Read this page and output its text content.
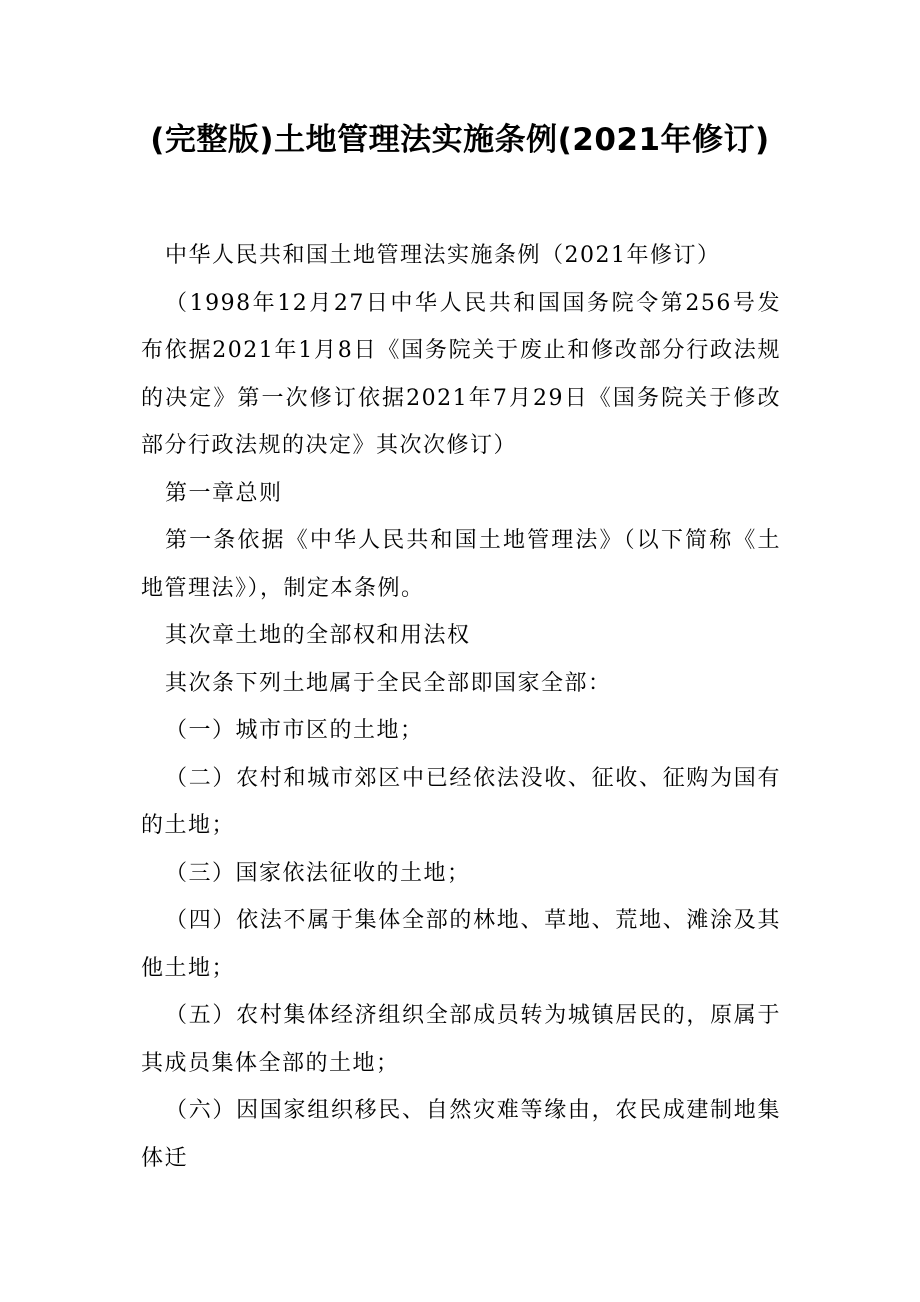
(完整版)土地管理法实施条例(2021年修订)

中华人民共和国土地管理法实施条例（2021年修订）

（1998年12月27日中华人民共和国国务院令第256号发布依据2021年1月8日《国务院关于废止和修改部分行政法规的决定》第一次修订依据2021年7月29日《国务院关于修改部分行政法规的决定》其次次修订）

第一章总则

第一条依据《中华人民共和国土地管理法》（以下简称《土地管理法》），制定本条例。

其次章土地的全部权和用法权

其次条下列土地属于全民全部即国家全部：

（一）城市市区的土地；

（二）农村和城市郊区中已经依法没收、征收、征购为国有的土地；

（三）国家依法征收的土地；

（四）依法不属于集体全部的林地、草地、荒地、滩涂及其他土地；

（五）农村集体经济组织全部成员转为城镇居民的，原属于其成员集体全部的土地；

（六）因国家组织移民、自然灾难等缘由，农民成建制地集体迁
